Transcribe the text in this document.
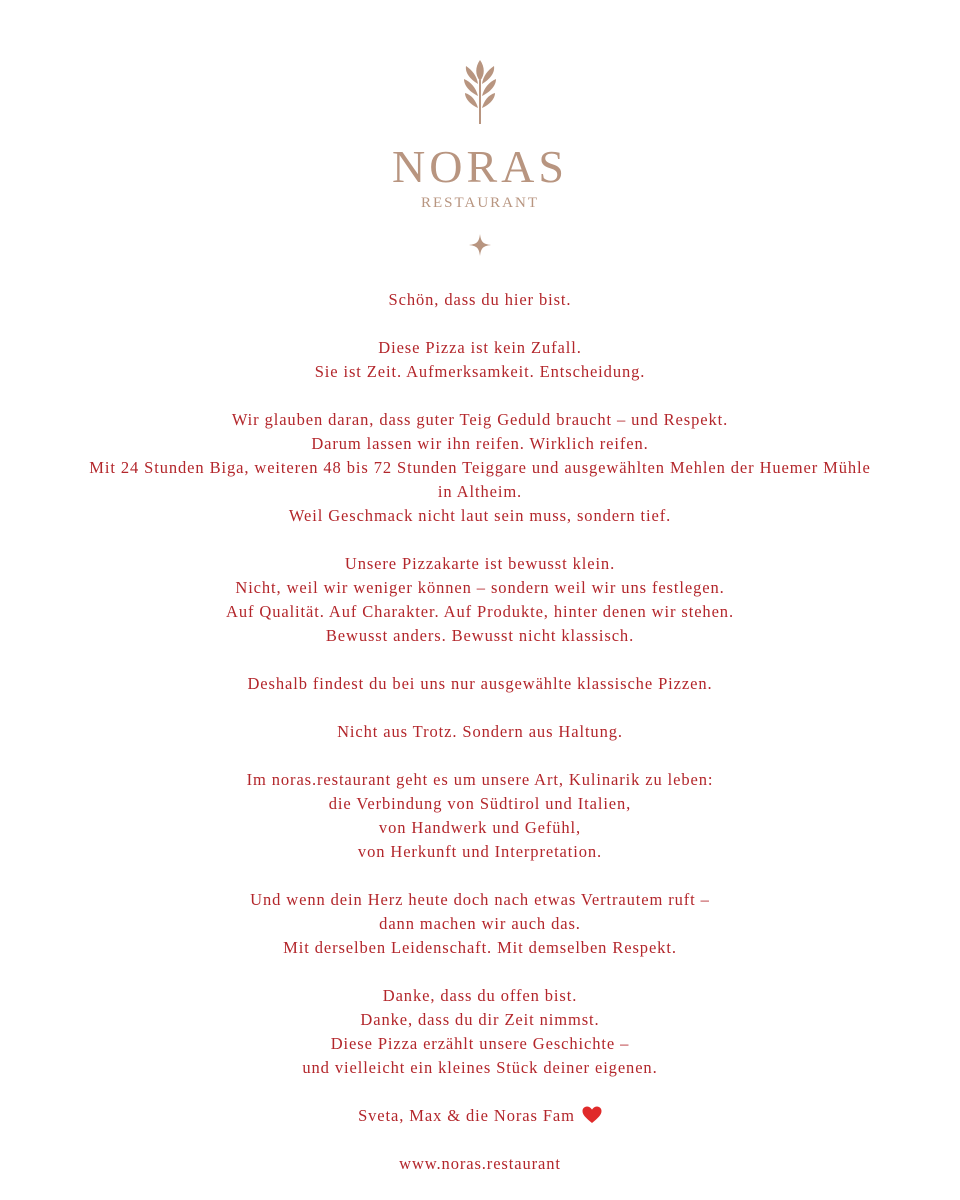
NORAS
RESTAURANT
Schön, dass du hier bist.
Diese Pizza ist kein Zufall.
Sie ist Zeit. Aufmerksamkeit. Entscheidung.
Wir glauben daran, dass guter Teig Geduld braucht – und Respekt.
Darum lassen wir ihn reifen. Wirklich reifen.
Mit 24 Stunden Biga, weiteren 48 bis 72 Stunden Teiggare und ausgewählten Mehlen der Huemer Mühle
in Altheim.
Weil Geschmack nicht laut sein muss, sondern tief.
Unsere Pizzakarte ist bewusst klein.
Nicht, weil wir weniger können – sondern weil wir uns festlegen.
Auf Qualität. Auf Charakter. Auf Produkte, hinter denen wir stehen.
Bewusst anders. Bewusst nicht klassisch.
Deshalb findest du bei uns nur ausgewählte klassische Pizzen.
Nicht aus Trotz. Sondern aus Haltung.
Im noras.restaurant geht es um unsere Art, Kulinarik zu leben:
die Verbindung von Südtirol und Italien,
von Handwerk und Gefühl,
von Herkunft und Interpretation.
Und wenn dein Herz heute doch nach etwas Vertrautem ruft –
dann machen wir auch das.
Mit derselben Leidenschaft. Mit demselben Respekt.
Danke, dass du offen bist.
Danke, dass du dir Zeit nimmst.
Diese Pizza erzählt unsere Geschichte –
und vielleicht ein kleines Stück deiner eigenen.
Sveta, Max & die Noras Fam
www.noras.restaurant
